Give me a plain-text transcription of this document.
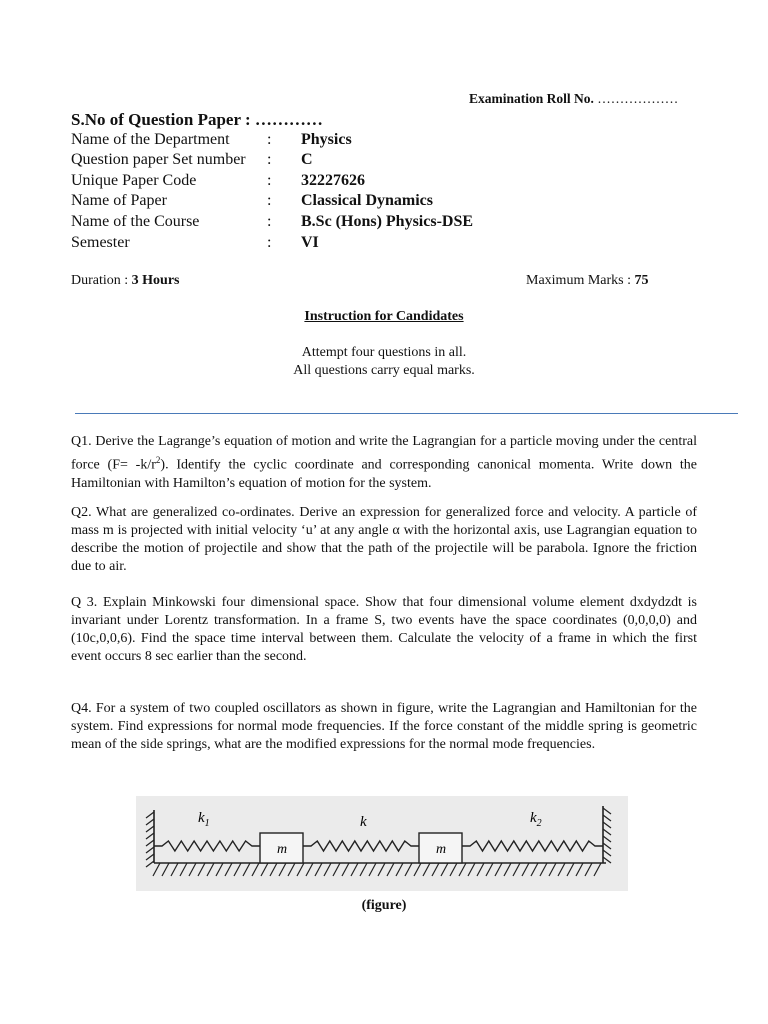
Examination Roll No. ………………
S.No of Question Paper : …………
Name of the Department : Physics
Question paper Set number : C
Unique Paper Code	: 32227626
Name of Paper	: Classical Dynamics
Name of the Course	: B.Sc (Hons) Physics-DSE
Semester	: VI
Duration : 3 Hours	Maximum Marks : 75
Instruction for Candidates
Attempt four questions in all.
All questions carry equal marks.
Q1. Derive the Lagrange’s equation of motion and write the Lagrangian for a particle moving under the central force $(F= -k/r^2)$. Identify the cyclic coordinate and corresponding canonical momenta. Write down the Hamiltonian with Hamilton’s equation of motion for the system.
Q2. What are generalized co-ordinates. Derive an expression for generalized force and velocity. A particle of mass m is projected with initial velocity ‘u’ at any angle α with the horizontal axis, use Lagrangian equation to describe the motion of projectile and show that the path of the projectile will be parabola. Ignore the friction due to air.
Q 3. Explain Minkowski four dimensional space. Show that four dimensional volume element dxdydzdt is invariant under Lorentz transformation. In a frame S, two events have the space coordinates (0,0,0,0) and (10c,0,0,6). Find the space time interval between them. Calculate the velocity of a frame in which the first event occurs 8 sec earlier than the second.
Q4. For a system of two coupled oscillators as shown in figure, write the Lagrangian and Hamiltonian for the system. Find expressions for normal mode frequencies. If the force constant of the middle spring is geometric mean of the side springs, what are the modified expressions for the normal mode frequencies.
m	m
$k_1$	k	$k_2$
(figure)
